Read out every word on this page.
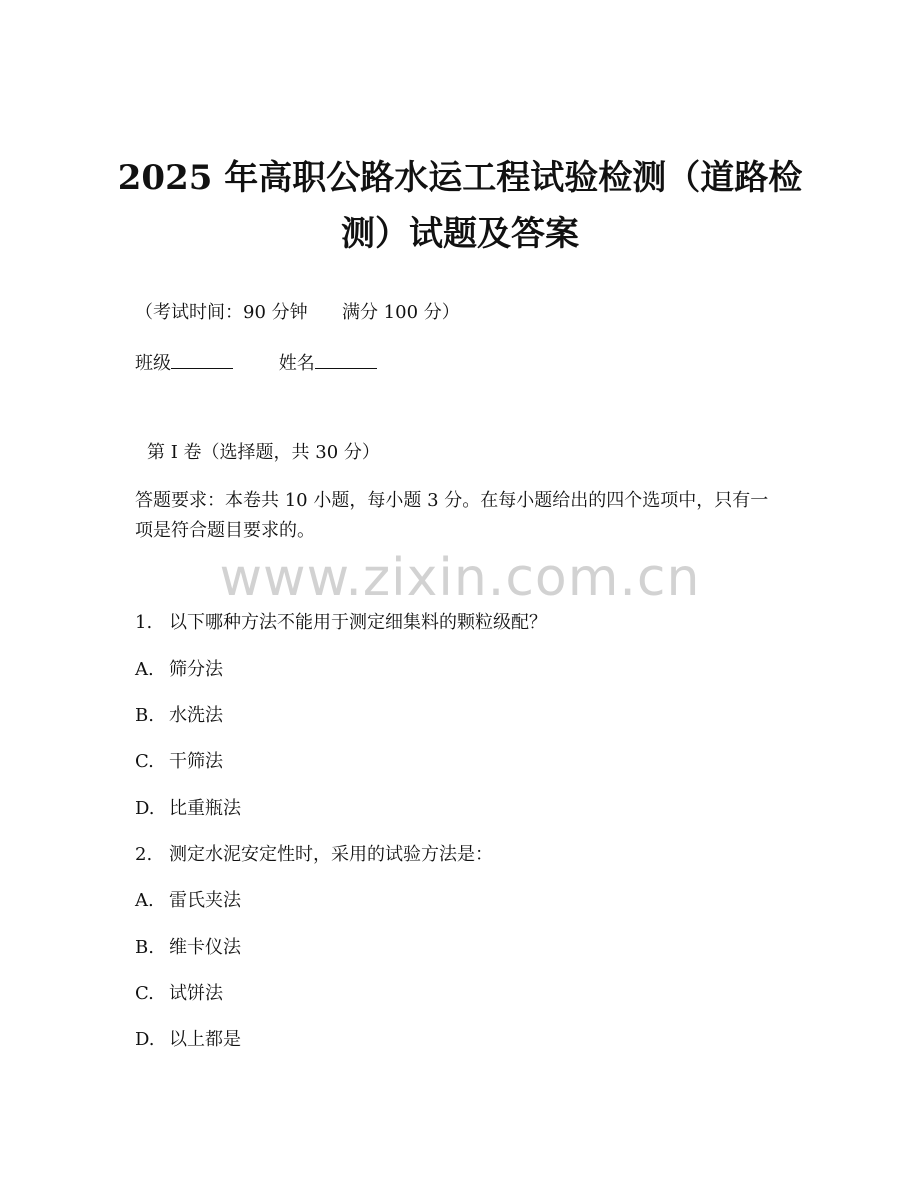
2025 年高职公路水运工程试验检测（道路检
测）试题及答案
（考试时间：90 分钟      满分 100 分）
班级	姓名
第 I 卷（选择题，共 30 分）
答题要求：本卷共 10 小题，每小题 3 分。在每小题给出的四个选项中，只有一项是符合题目要求的。
www.zixin.com.cn
1. 以下哪种方法不能用于测定细集料的颗粒级配？
A. 筛分法
B. 水洗法
C. 干筛法
D. 比重瓶法
2. 测定水泥安定性时，采用的试验方法是：
A. 雷氏夹法
B. 维卡仪法
C. 试饼法
D. 以上都是
